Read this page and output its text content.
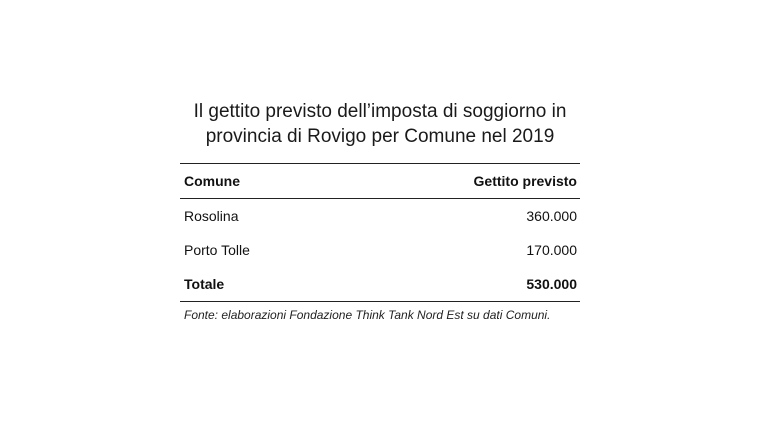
Il gettito previsto dell’imposta di soggiorno in
provincia di Rovigo per Comune nel 2019
Comune	Gettito previsto
Rosolina	360.000
Porto Tolle	170.000
Totale	530.000
Fonte: elaborazioni Fondazione Think Tank Nord Est su dati Comuni.
